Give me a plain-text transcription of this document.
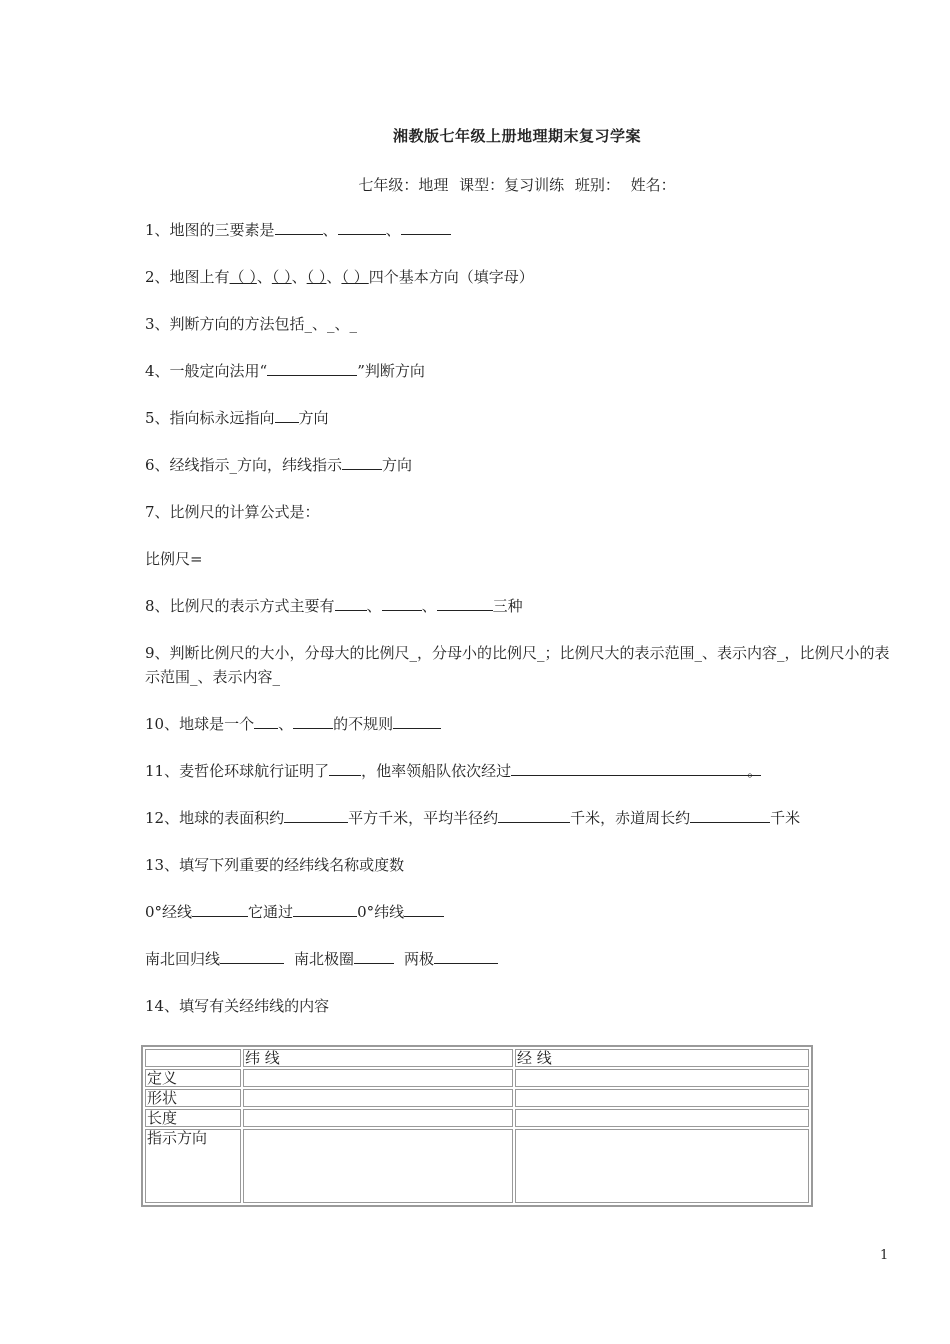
湘教版七年级上册地理期末复习学案
七年级：地理 课型：复习训练 班别： 姓名：
1、地图的三要素是	、	、
2、地图上有（ ）、（ ）、（ ）、（ ）四个基本方向（填字母）
3、判断方向的方法包括_、_、_
4、一般定向法用“	”判断方向
5、指向标永远指向 方向
6、经线指示_方向，纬线指示	方向
7、比例尺的计算公式是：
比例尺=
8、比例尺的表示方式主要有 、	、	三种
9、判断比例尺的大小，分母大的比例尺_，分母小的比例尺_；比例尺大的表示范围_、表示内容_，比例尺小的表示范围_、表示内容_
10、地球是一个 、	的不规则
11、麦哲伦环球航行证明了 ，他率领船队依次经过	。
12、地球的表面积约	平方千米，平均半径约	千米，赤道周长约	千米
13、填写下列重要的经纬线名称或度数
0°经线	它通过	0°纬线
南北回归线	南北极圈	两极
14、填写有关经纬线的内容
	纬 线	经 线
定义		
形状		
长度		
指示方向		
1
